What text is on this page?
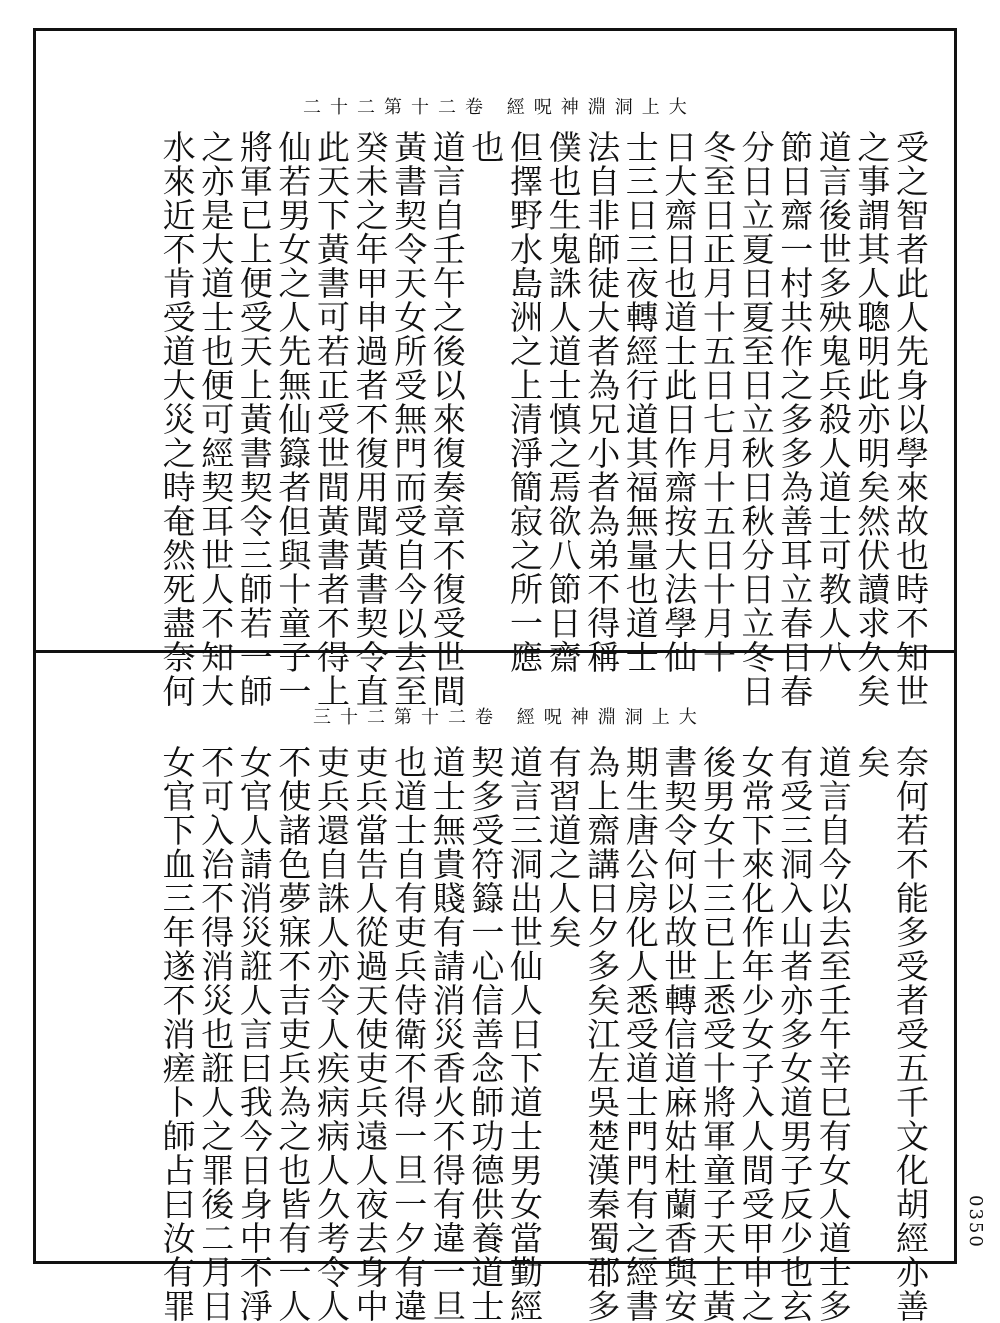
二十二第十二卷 經呪神淵洞上大
三十二第十二卷 經呪神淵洞上大
受之智者此人先身以學來故也時不知世
之事謂其人聰明此亦明矣然伏讀求久矣
道言後世多殃鬼兵殺人道士可教人八
節日齋一村共作之多多為善耳立春日春
分日立夏日夏至日立秋日秋分日立冬日
冬至日正月十五日七月十五日十月十
日大齋日也道士此日作齋按大法學仙
士三日三夜轉經行道其福無量也道士
法自非師徒大者為兄小者為弟不得稱
僕也生鬼誅人道士慎之焉欲八節日齋
但擇野水島洲之上清淨簡寂之所一應
也
道言自壬午之後以來復奏章不復受世間
黃書契令天女所受無門而受自今以去至
癸未之年甲申過者不復用聞黃書契令直
此天下黃書可若正受世間黃書者不得上
仙若男女之人先無仙籙者但與十童子一
將軍已上便受天上黃書契令三師若一師
之亦是大道士也便可經契耳世人不知大
水來近不肯受道大災之時奄然死盡奈何
奈何若不能多受者受五千文化胡經亦善
矣
道言自今以去至壬午辛巳有女人道士多
有受三洞入山者亦多女道男子反少也玄
女常下來化作年少女子入人間受甲申之
後男女十三已上悉受十將軍童子天上黃
書契令何以故世轉信道麻姑杜蘭香與安
期生唐公房化人悉受道士門門有之經書
為上齋講日夕多矣江左吳楚漢秦蜀郡多
有習道之人矣
道言三洞出世仙人日下道士男女當勤經
契多受符籙一心信善念師功德供養道士
道士無貴賤有請消災香火不得有違一旦
也道士自有吏兵侍衛不得一旦一夕有違
吏兵當告人從過天使吏兵遠人夜去身中
吏兵還自誅人亦令人疾病病人久考令人
不使諸色夢寐不吉吏兵為之也皆有一人
女官人請消災誑人言曰我今日身中不淨
不可入治不得消災也誑人之罪後二月日
女官下血三年遂不消瘥卜師占曰汝有罪	0350
